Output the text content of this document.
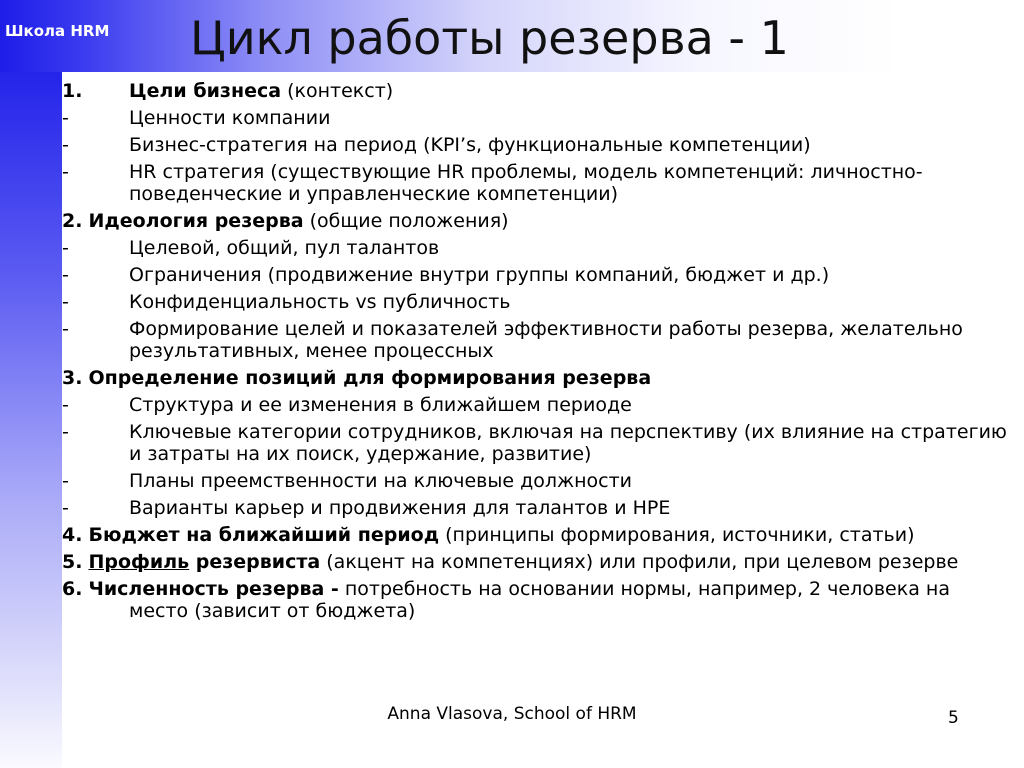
Школа HRM Цикл работы резерва - 1
1.	Цели бизнеса (контекст)
-	Ценности компании
-	Бизнес-стратегия на период (KPI’s, функциональные компетенции)
-	HR стратегия (существующие HR проблемы, модель компетенций: личностно-поведенческие и управленческие компетенции)
2. Идеология резерва (общие положения)
-	Целевой, общий, пул талантов
-	Ограничения (продвижение внутри группы компаний, бюджет и др.)
-	Конфиденциальность vs публичность
-	Формирование целей и показателей эффективности работы резерва, желательно результативных, менее процессных
3. Определение позиций для формирования резерва
-	Структура и ее изменения в ближайшем периоде
-	Ключевые категории сотрудников, включая на перспективу (их влияние на стратегию и затраты на их поиск, удержание, развитие)
-	Планы преемственности на ключевые должности
-	Варианты карьер и продвижения для талантов и HPE
4. Бюджет на ближайший период (принципы формирования, источники, статьи)
5. Профиль резервиста (акцент на компетенциях) или профили, при целевом резерве
6. Численность резерва - потребность на основании нормы, например, 2 человека на место (зависит от бюджета)
Anna Vlasova, School of HRM	5
